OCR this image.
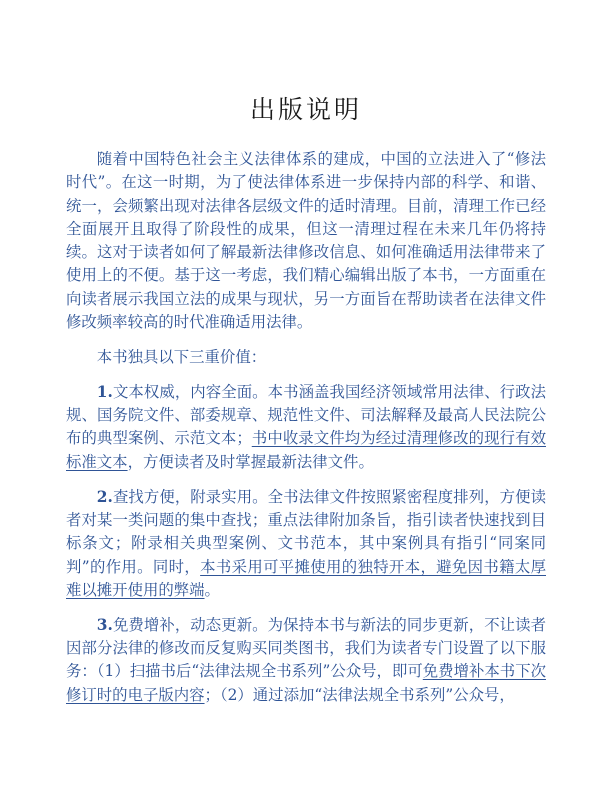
出版说明

随着中国特色社会主义法律体系的建成，中国的立法进入了“修法时代”。在这一时期，为了使法律体系进一步保持内部的科学、和谐、统一，会频繁出现对法律各层级文件的适时清理。目前，清理工作已经全面展开且取得了阶段性的成果，但这一清理过程在未来几年仍将持续。这对于读者如何了解最新法律修改信息、如何准确适用法律带来了使用上的不便。基于这一考虑，我们精心编辑出版了本书，一方面重在向读者展示我国立法的成果与现状，另一方面旨在帮助读者在法律文件修改频率较高的时代准确适用法律。

本书独具以下三重价值：

1.文本权威，内容全面。本书涵盖我国经济领域常用法律、行政法规、国务院文件、部委规章、规范性文件、司法解释及最高人民法院公布的典型案例、示范文本；书中收录文件均为经过清理修改的现行有效标准文本，方便读者及时掌握最新法律文件。

2.查找方便，附录实用。全书法律文件按照紧密程度排列，方便读者对某一类问题的集中查找；重点法律附加条旨，指引读者快速找到目标条文；附录相关典型案例、文书范本，其中案例具有指引“同案同判”的作用。同时，本书采用可平摊使用的独特开本，避免因书籍太厚难以摊开使用的弊端。

3.免费增补，动态更新。为保持本书与新法的同步更新，不让读者因部分法律的修改而反复购买同类图书，我们为读者专门设置了以下服务：（1）扫描书后“法律法规全书系列”公众号，即可免费增补本书下次修订时的电子版内容；（2）通过添加“法律法规全书系列”公众号，
